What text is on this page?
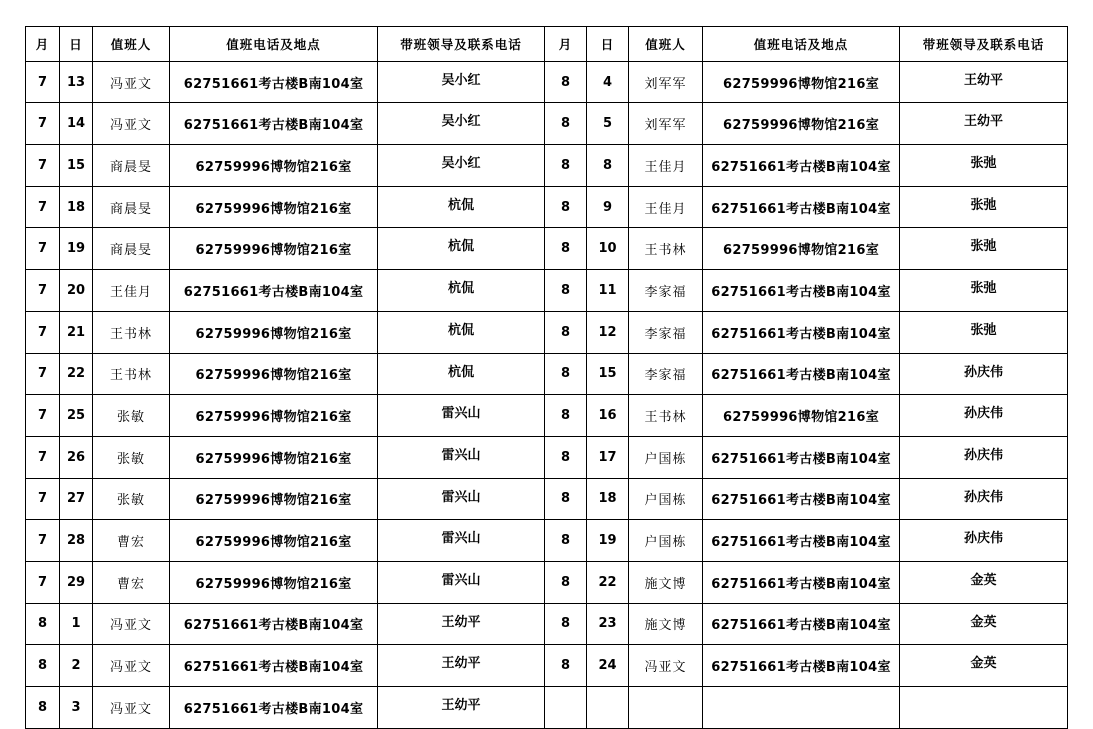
月	日	值班人	值班电话及地点	带班领导及联系电话	月	日	值班人	值班电话及地点	带班领导及联系电话
7	13	冯亚文	62751661考古楼B南104室	吴小红	8	4	刘军军	62759996博物馆216室	王幼平
7	14	冯亚文	62751661考古楼B南104室	吴小红	8	5	刘军军	62759996博物馆216室	王幼平
7	15	商晨旻	62759996博物馆216室	吴小红	8	8	王佳月	62751661考古楼B南104室	张弛
7	18	商晨旻	62759996博物馆216室	杭侃	8	9	王佳月	62751661考古楼B南104室	张弛
7	19	商晨旻	62759996博物馆216室	杭侃	8	10	王书林	62759996博物馆216室	张弛
7	20	王佳月	62751661考古楼B南104室	杭侃	8	11	李家福	62751661考古楼B南104室	张弛
7	21	王书林	62759996博物馆216室	杭侃	8	12	李家福	62751661考古楼B南104室	张弛
7	22	王书林	62759996博物馆216室	杭侃	8	15	李家福	62751661考古楼B南104室	孙庆伟
7	25	张敏	62759996博物馆216室	雷兴山	8	16	王书林	62759996博物馆216室	孙庆伟
7	26	张敏	62759996博物馆216室	雷兴山	8	17	户国栋	62751661考古楼B南104室	孙庆伟
7	27	张敏	62759996博物馆216室	雷兴山	8	18	户国栋	62751661考古楼B南104室	孙庆伟
7	28	曹宏	62759996博物馆216室	雷兴山	8	19	户国栋	62751661考古楼B南104室	孙庆伟
7	29	曹宏	62759996博物馆216室	雷兴山	8	22	施文博	62751661考古楼B南104室	金英
8	1	冯亚文	62751661考古楼B南104室	王幼平	8	23	施文博	62751661考古楼B南104室	金英
8	2	冯亚文	62751661考古楼B南104室	王幼平	8	24	冯亚文	62751661考古楼B南104室	金英
8	3	冯亚文	62751661考古楼B南104室	王幼平					
